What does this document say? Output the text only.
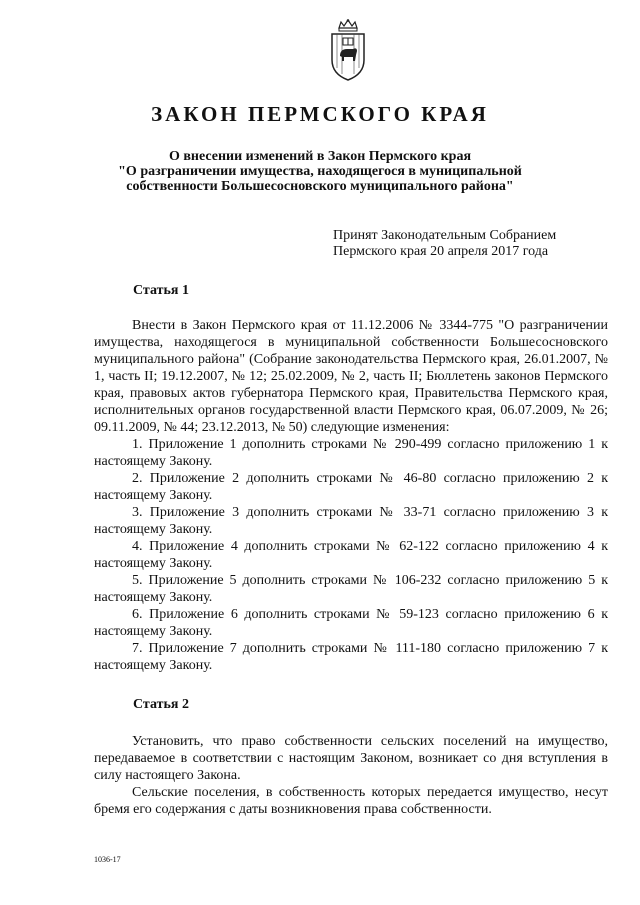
ЗАКОН ПЕРМСКОГО КРАЯ
О внесении изменений в Закон Пермского края
"О разграничении имущества, находящегося в муниципальной
собственности Большесосновского муниципального района"
Принят Законодательным Собранием
Пермского края 20 апреля 2017 года
Статья 1

Внести в Закон Пермского края от 11.12.2006 № 3344-775 "О разграничении имущества, находящегося в муниципальной собственности Большесосновского муниципального района" (Собрание законодательства Пермского края, 26.01.2007, № 1, часть II; 19.12.2007, № 12; 25.02.2009, № 2, часть II; Бюллетень законов Пермского края, правовых актов губернатора Пермского края, Правительства Пермского края, исполнительных органов государственной власти Пермского края, 06.07.2009, № 26; 09.11.2009, № 44; 23.12.2013, № 50) следующие изменения:

1. Приложение 1 дополнить строками № 290-499 согласно приложению 1 к настоящему Закону.

2. Приложение 2 дополнить строками № 46-80 согласно приложению 2 к настоящему Закону.

3. Приложение 3 дополнить строками № 33-71 согласно приложению 3 к настоящему Закону.

4. Приложение 4 дополнить строками № 62-122 согласно приложению 4 к настоящему Закону.

5. Приложение 5 дополнить строками № 106-232 согласно приложению 5 к настоящему Закону.

6. Приложение 6 дополнить строками № 59-123 согласно приложению 6 к настоящему Закону.

7. Приложение 7 дополнить строками № 111-180 согласно приложению 7 к настоящему Закону.

Статья 2

Установить, что право собственности сельских поселений на имущество, передаваемое в соответствии с настоящим Законом, возникает со дня вступления в силу настоящего Закона.

Сельские поселения, в собственность которых передается имущество, несут бремя его содержания с даты возникновения права собственности.

1036-17
